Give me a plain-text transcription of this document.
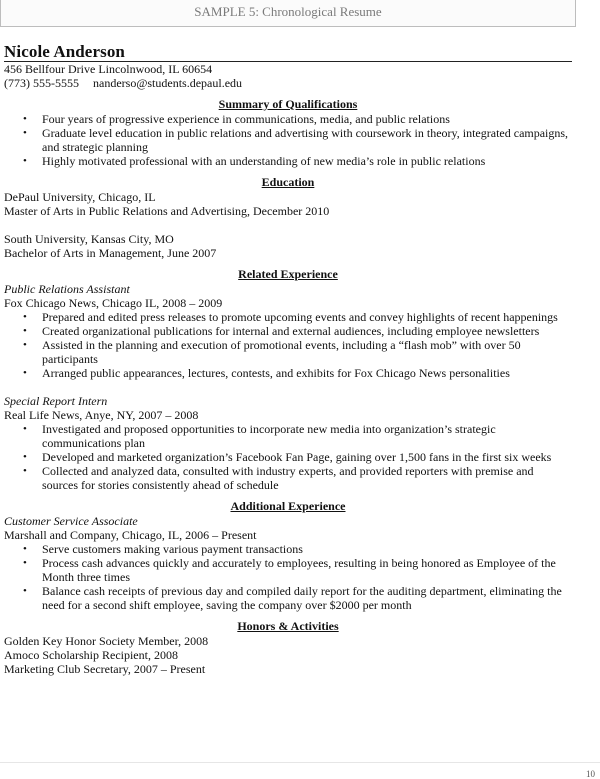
SAMPLE 5: Chronological Resume
Nicole Anderson
456 Bellfour Drive Lincolnwood, IL 60654
(773) 555-5555 nanderso@students.depaul.edu
Summary of Qualifications
• Four years of progressive experience in communications, media, and public relations
• Graduate level education in public relations and advertising with coursework in theory, integrated campaigns, and strategic planning
• Highly motivated professional with an understanding of new media’s role in public relations
Education
DePaul University, Chicago, IL
Master of Arts in Public Relations and Advertising, December 2010
South University, Kansas City, MO
Bachelor of Arts in Management, June 2007
Related Experience
Public Relations Assistant
Fox Chicago News, Chicago IL, 2008 – 2009
• Prepared and edited press releases to promote upcoming events and convey highlights of recent happenings
• Created organizational publications for internal and external audiences, including employee newsletters
• Assisted in the planning and execution of promotional events, including a “flash mob” with over 50 participants
• Arranged public appearances, lectures, contests, and exhibits for Fox Chicago News personalities
Special Report Intern
Real Life News, Anye, NY, 2007 – 2008
• Investigated and proposed opportunities to incorporate new media into organization’s strategic communications plan
• Developed and marketed organization’s Facebook Fan Page, gaining over 1,500 fans in the first six weeks
• Collected and analyzed data, consulted with industry experts, and provided reporters with premise and sources for stories consistently ahead of schedule
Additional Experience
Customer Service Associate
Marshall and Company, Chicago, IL, 2006 – Present
• Serve customers making various payment transactions
• Process cash advances quickly and accurately to employees, resulting in being honored as Employee of the Month three times
• Balance cash receipts of previous day and compiled daily report for the auditing department, eliminating the need for a second shift employee, saving the company over $2000 per month
Honors & Activities
Golden Key Honor Society Member, 2008
Amoco Scholarship Recipient, 2008
Marketing Club Secretary, 2007 – Present
10
